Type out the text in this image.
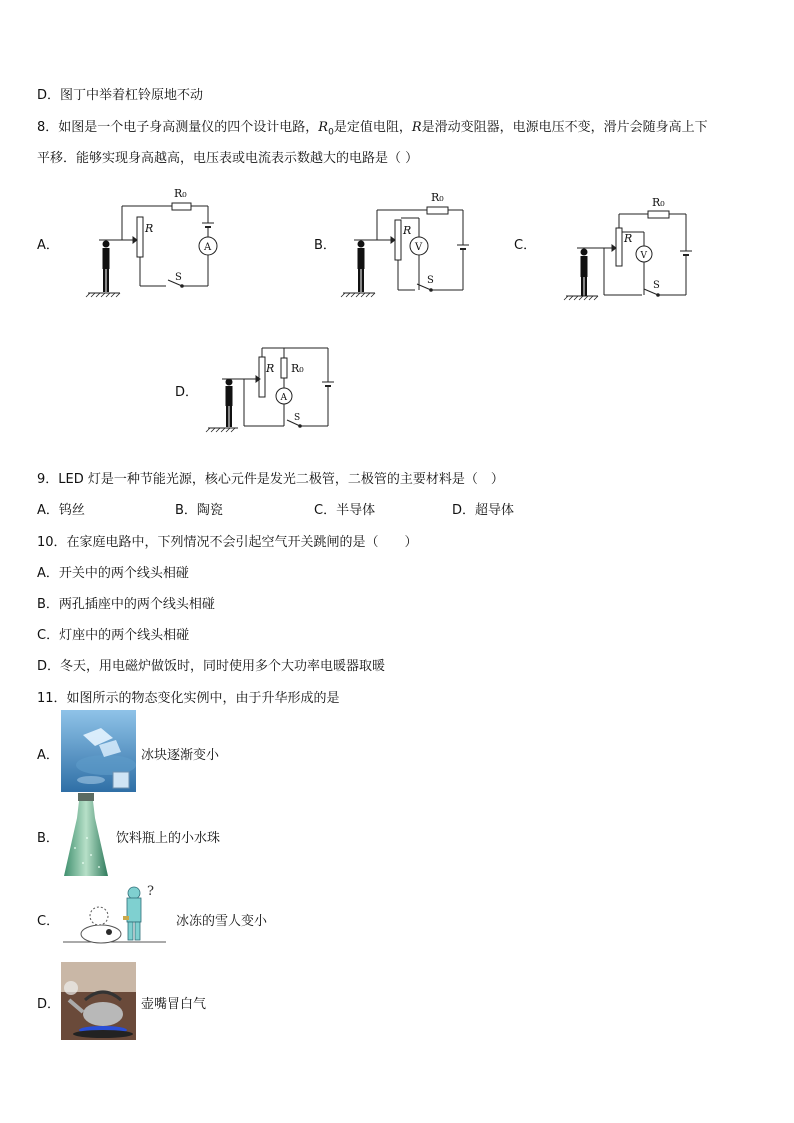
D．图丁中举着杠铃原地不动
8．如图是一个电子身高测量仪的四个设计电路，$R_0$是定值电阻，R是滑动变阻器，电源电压不变，滑片会随身高上下
平移．能够实现身高越高，电压表或电流表示数越大的电路是（ ）
A．	B．	C．
D．
R₀
R
A
S
R₀
R
V
S
R₀
R
V
S
R₀
R
A
S
9．LED 灯是一种节能光源，核心元件是发光二极管，二极管的主要材料是（　）
A．钨丝	B．陶瓷	C．半导体	D．超导体
10．在家庭电路中，下列情况不会引起空气开关跳闸的是（　　）
A．开关中的两个线头相碰
B．两孔插座中的两个线头相碰
C．灯座中的两个线头相碰
D．冬天，用电磁炉做饭时，同时使用多个大功率电暖器取暖
11．如图所示的物态变化实例中，由于升华形成的是
A．	冰块逐渐变小
B．	饮料瓶上的小水珠
C．
?
冰冻的雪人变小
D．	壶嘴冒白气
